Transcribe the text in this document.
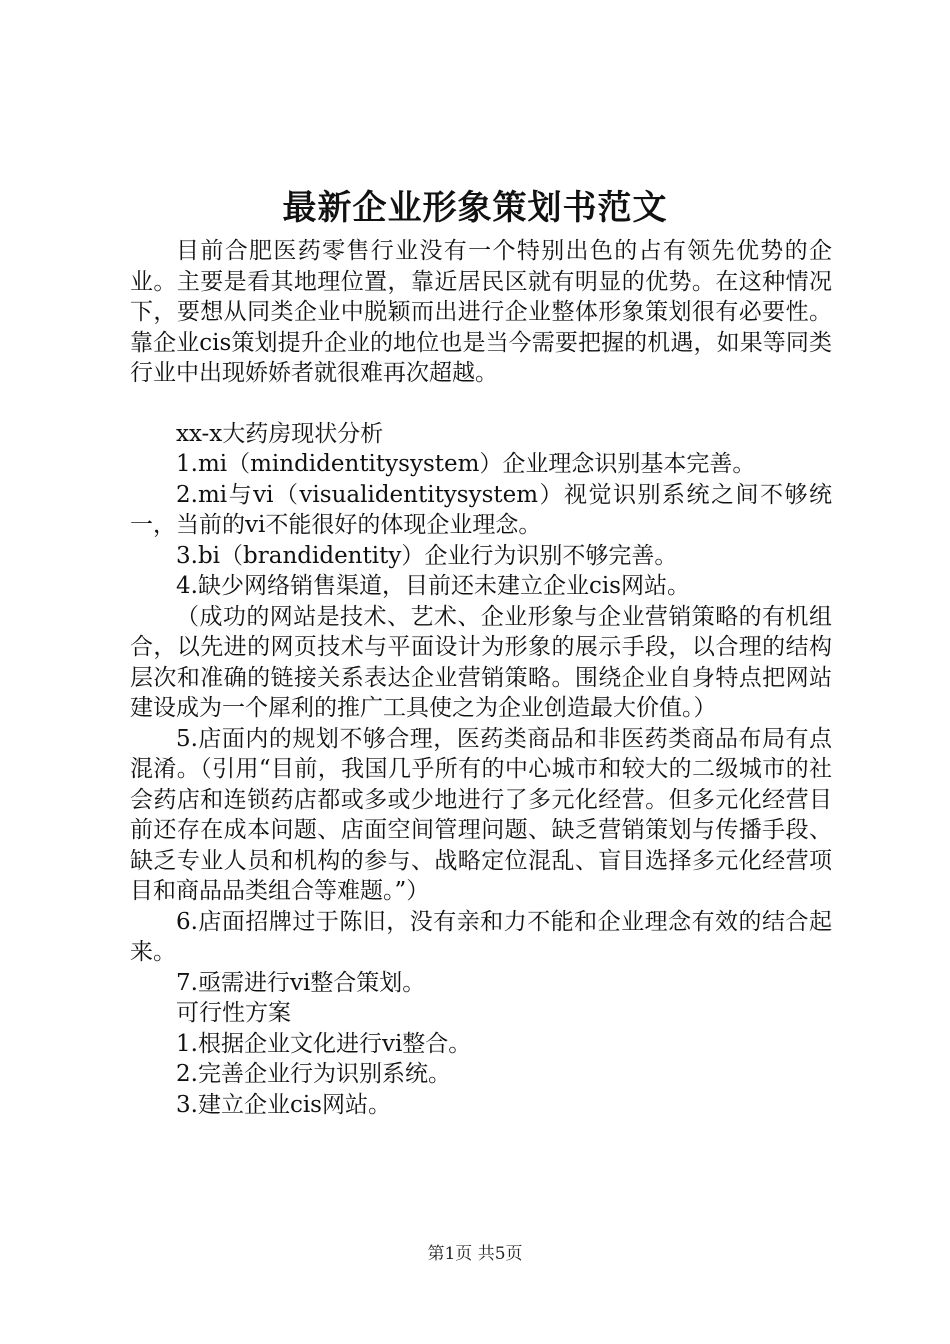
最新企业形象策划书范文

目前合肥医药零售行业没有一个特别出色的占有领先优势的企业。主要是看其地理位置，靠近居民区就有明显的优势。在这种情况下，要想从同类企业中脱颖而出进行企业整体形象策划很有必要性。靠企业cis策划提升企业的地位也是当今需要把握的机遇，如果等同类行业中出现娇娇者就很难再次超越。

xx-x大药房现状分析

1.mi（mindidentitysystem）企业理念识别基本完善。

2.mi与vi（visualidentitysystem）视觉识别系统之间不够统一，当前的vi不能很好的体现企业理念。

3.bi（brandidentity）企业行为识别不够完善。

4.缺少网络销售渠道，目前还未建立企业cis网站。

（成功的网站是技术、艺术、企业形象与企业营销策略的有机组合，以先进的网页技术与平面设计为形象的展示手段，以合理的结构层次和准确的链接关系表达企业营销策略。围绕企业自身特点把网站建设成为一个犀利的推广工具使之为企业创造最大价值。）

5.店面内的规划不够合理，医药类商品和非医药类商品布局有点混淆。（引用“目前，我国几乎所有的中心城市和较大的二级城市的社会药店和连锁药店都或多或少地进行了多元化经营。但多元化经营目前还存在成本问题、店面空间管理问题、缺乏营销策划与传播手段、缺乏专业人员和机构的参与、战略定位混乱、盲目选择多元化经营项目和商品品类组合等难题。”）

6.店面招牌过于陈旧，没有亲和力不能和企业理念有效的结合起来。

7.亟需进行vi整合策划。

可行性方案

1.根据企业文化进行vi整合。

2.完善企业行为识别系统。

3.建立企业cis网站。

第1页 共5页
